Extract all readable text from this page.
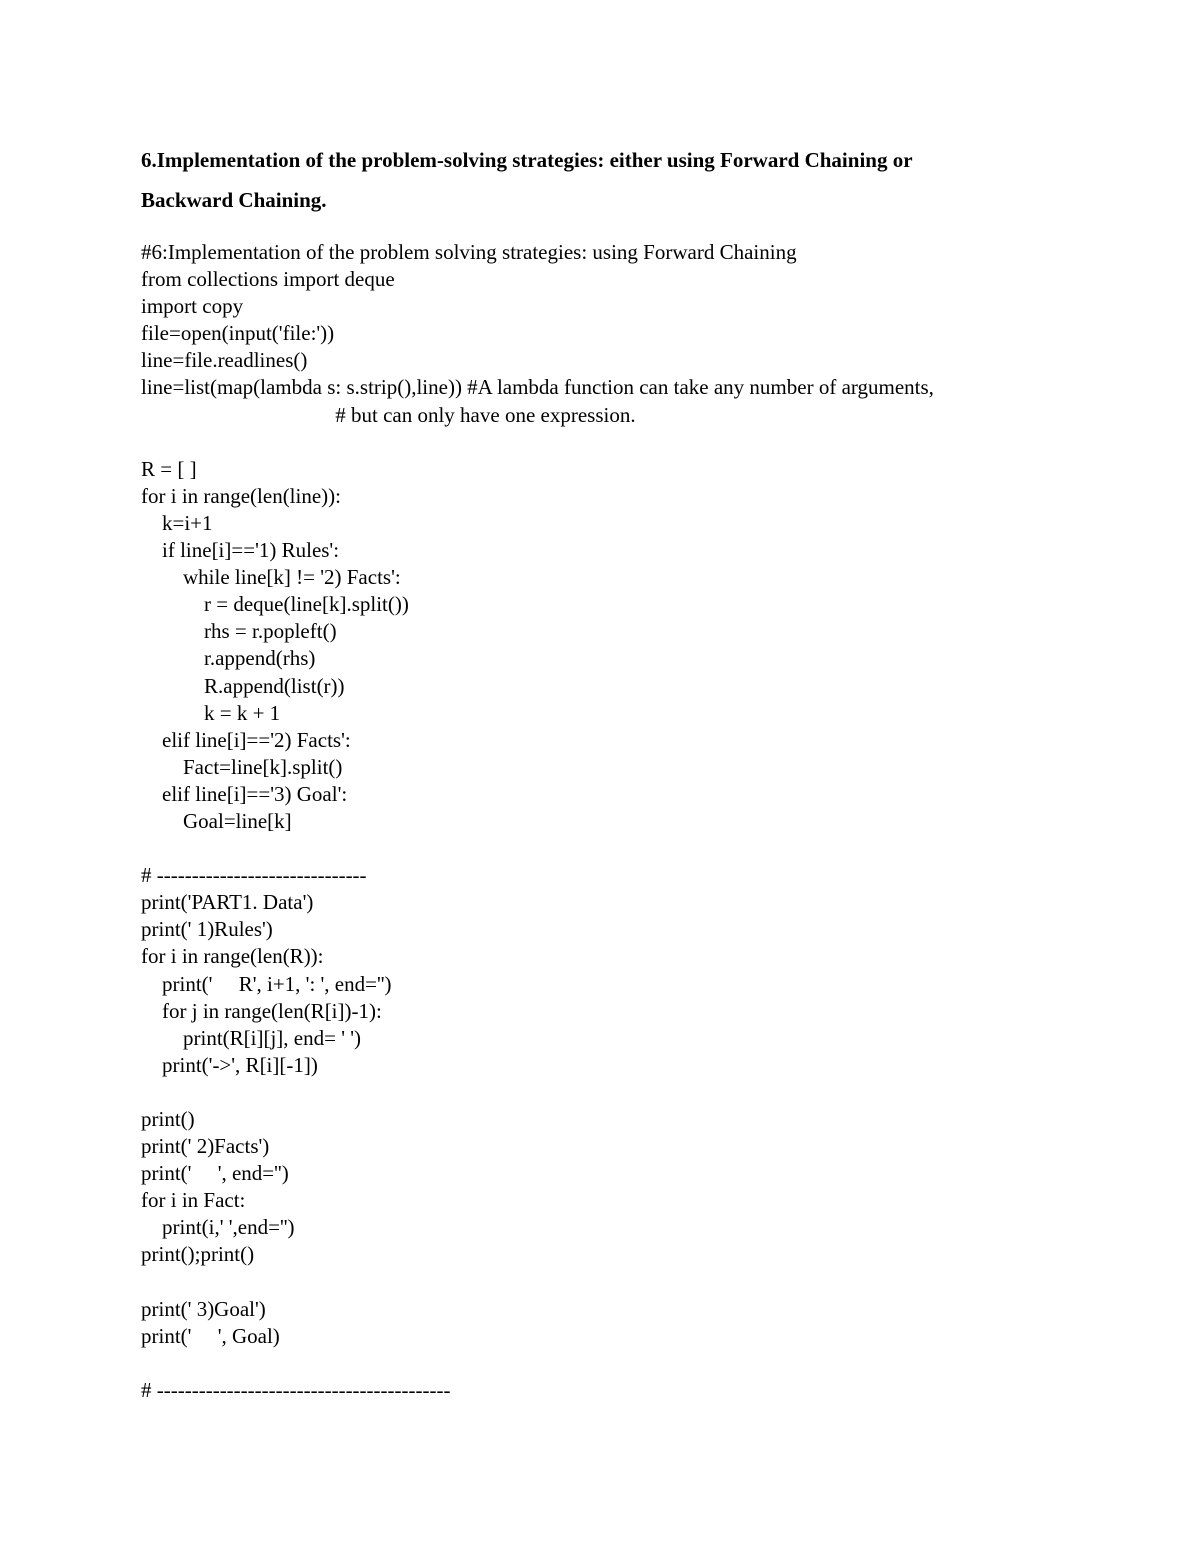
6.Implementation of the problem-solving strategies: either using Forward Chaining or
Backward Chaining.
#6:Implementation of the problem solving strategies: using Forward Chaining
from collections import deque
import copy
file=open(input('file:'))
line=file.readlines()
line=list(map(lambda s: s.strip(),line)) #A lambda function can take any number of arguments,
# but can only have one expression.
R = [ ]
for i in range(len(line)):
k=i+1
if line[i]=='1) Rules':
while line[k] != '2) Facts':
r = deque(line[k].split())
rhs = r.popleft()
r.append(rhs)
R.append(list(r))
k = k + 1
elif line[i]=='2) Facts':
Fact=line[k].split()
elif line[i]=='3) Goal':
Goal=line[k]
# ------------------------------
print('PART1. Data')
print(' 1)Rules')
for i in range(len(R)):
print('     R', i+1, ': ', end='')
for j in range(len(R[i])-1):
print(R[i][j], end= ' ')
print('->', R[i][-1])
print()
print(' 2)Facts')
print('     ', end='')
for i in Fact:
print(i,' ',end='')
print();print()
print(' 3)Goal')
print('     ', Goal)
# ------------------------------------------
